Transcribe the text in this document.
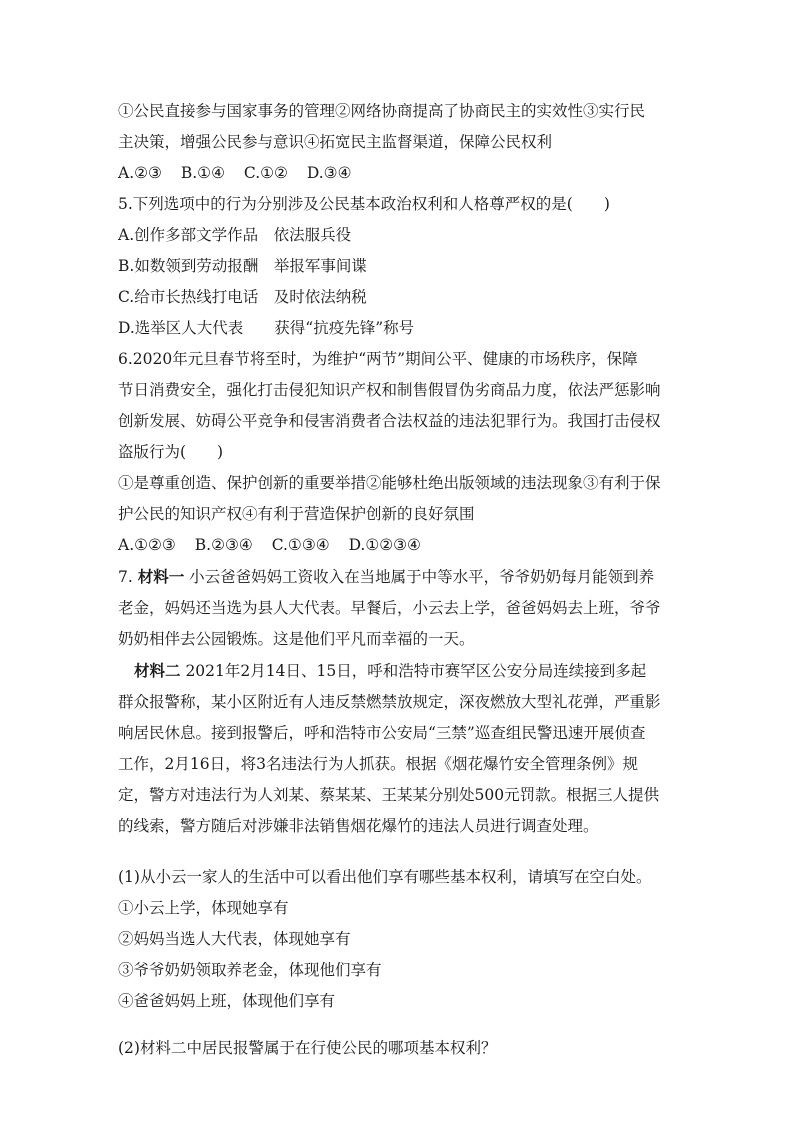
①公民直接参与国家事务的管理②网络协商提高了协商民主的实效性③实行民

主决策，增强公民参与意识④拓宽民主监督渠道，保障公民权利

A.②③ B.①④ C.①② D.③④

5.下列选项中的行为分别涉及公民基本政治权利和人格尊严权的是(　　)

A.创作多部文学作品　依法服兵役

B.如数领到劳动报酬　举报军事间谍

C.给市长热线打电话　及时依法纳税

D.选举区人大代表　　获得“抗疫先锋”称号

6.2020年元旦春节将至时，为维护“两节”期间公平、健康的市场秩序，保障

节日消费安全，强化打击侵犯知识产权和制售假冒伪劣商品力度，依法严惩影响

创新发展、妨碍公平竞争和侵害消费者合法权益的违法犯罪行为。我国打击侵权

盗版行为(　　)

①是尊重创造、保护创新的重要举措②能够杜绝出版领域的违法现象③有利于保

护公民的知识产权④有利于营造保护创新的良好氛围

A.①②③ B.②③④ C.①③④ D.①②③④

7. 材料一 小云爸爸妈妈工资收入在当地属于中等水平，爷爷奶奶每月能领到养

老金，妈妈还当选为县人大代表。早餐后，小云去上学，爸爸妈妈去上班，爷爷

奶奶相伴去公园锻炼。这是他们平凡而幸福的一天。

材料二 2021年2月14日、15日，呼和浩特市赛罕区公安分局连续接到多起

群众报警称，某小区附近有人违反禁燃禁放规定，深夜燃放大型礼花弹，严重影

响居民休息。接到报警后，呼和浩特市公安局“三禁”巡查组民警迅速开展侦查

工作，2月16日，将3名违法行为人抓获。根据《烟花爆竹安全管理条例》规

定，警方对违法行为人刘某、蔡某某、王某某分别处500元罚款。根据三人提供

的线索，警方随后对涉嫌非法销售烟花爆竹的违法人员进行调查处理。

(1)从小云一家人的生活中可以看出他们享有哪些基本权利，请填写在空白处。

①小云上学，体现她享有

②妈妈当选人大代表，体现她享有

③爷爷奶奶领取养老金，体现他们享有

④爸爸妈妈上班，体现他们享有

(2)材料二中居民报警属于在行使公民的哪项基本权利？
